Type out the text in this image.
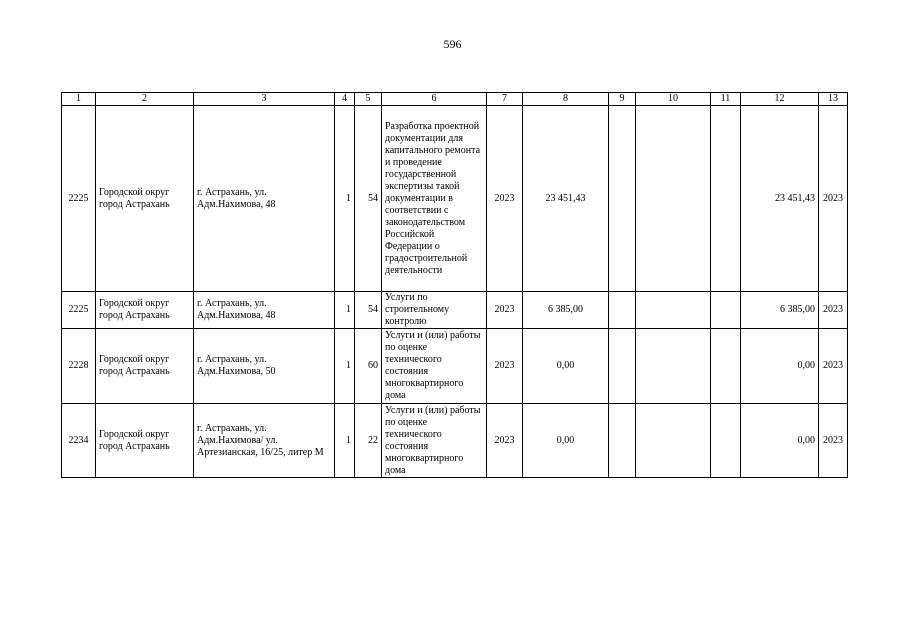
596
1	2	3	4	5	6	7	8	9	10	11	12	13
2225	Городской округ город Астрахань	г. Астрахань, ул. Адм.Нахимова, 48	1	54	Разработка проектной документации для капитального ремонта и проведение государственной экспертизы такой документации в соответствии с законодательством Российской Федерации о градостроительной деятельности	2023	23 451,43				23 451,43	2023
2225	Городской округ город Астрахань	г. Астрахань, ул. Адм.Нахимова, 48	1	54	Услуги по строительному контролю	2023	6 385,00				6 385,00	2023
2228	Городской округ город Астрахань	г. Астрахань, ул. Адм.Нахимова, 50	1	60	Услуги и (или) работы по оценке технического состояния многоквартирного дома	2023	0,00				0,00	2023
2234	Городской округ город Астрахань	г. Астрахань, ул. Адм.Нахимова/ ул. Артезианская, 16/25, литер М	1	22	Услуги и (или) работы по оценке технического состояния многоквартирного дома	2023	0,00				0,00	2023
